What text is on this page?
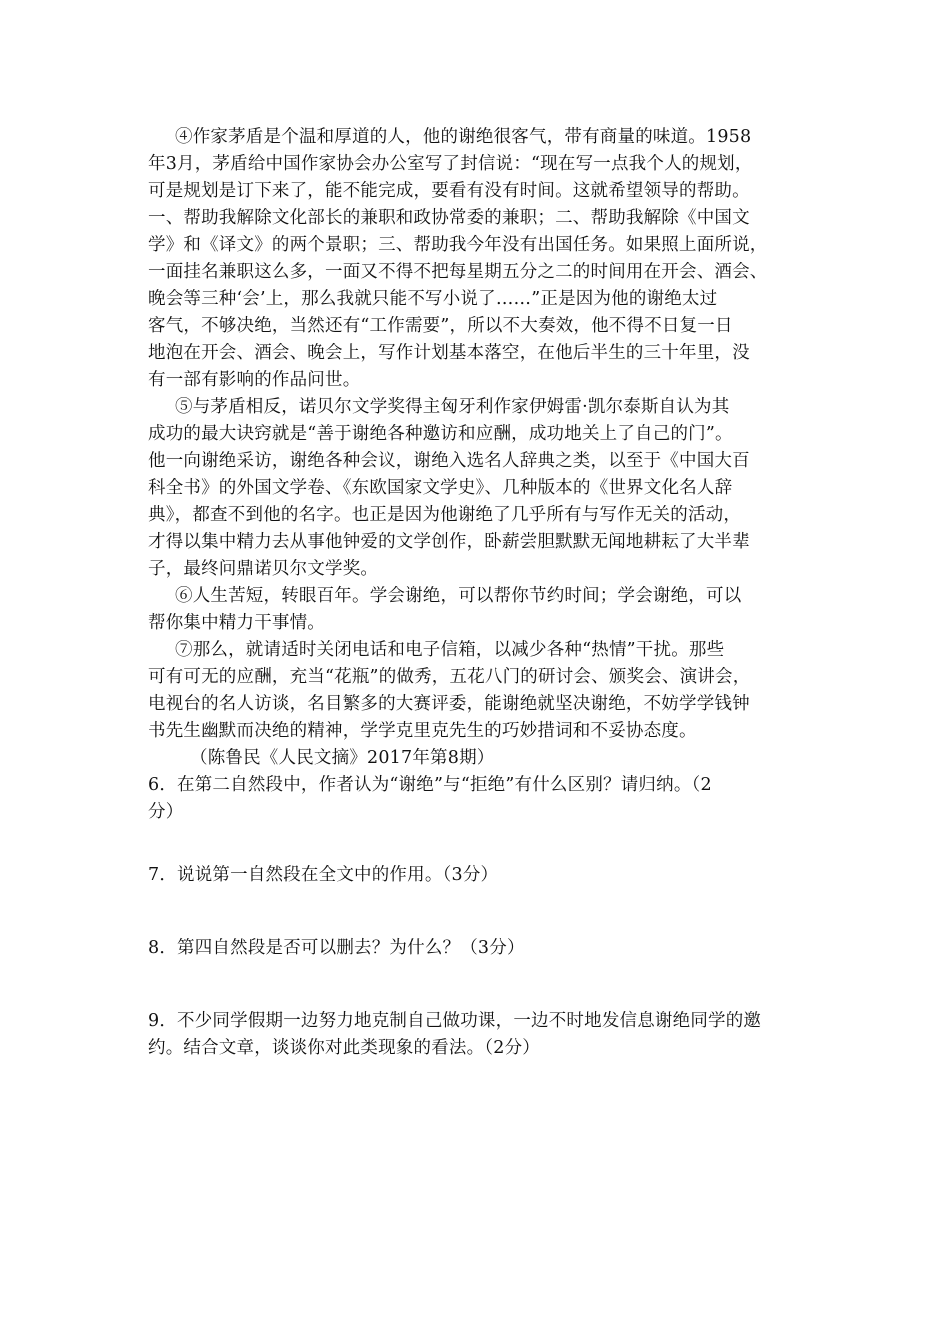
④作家茅盾是个温和厚道的人，他的谢绝很客气，带有商量的味道。1958
年3月，茅盾给中国作家协会办公室写了封信说：“现在写一点我个人的规划，
可是规划是订下来了，能不能完成，要看有没有时间。这就希望领导的帮助。
一、帮助我解除文化部长的兼职和政协常委的兼职；二、帮助我解除《中国文
学》和《译文》的两个景职；三、帮助我今年没有出国任务。如果照上面所说，
一面挂名兼职这么多，一面又不得不把每星期五分之二的时间用在开会、酒会、
晚会等三种‘会’上，那么我就只能不写小说了……”正是因为他的谢绝太过
客气，不够决绝，当然还有“工作需要”，所以不大奏效，他不得不日复一日
地泡在开会、酒会、晚会上，写作计划基本落空，在他后半生的三十年里，没
有一部有影响的作品问世。
⑤与茅盾相反，诺贝尔文学奖得主匈牙利作家伊姆雷·凯尔泰斯自认为其
成功的最大诀窍就是“善于谢绝各种邀访和应酬，成功地关上了自己的门”。
他一向谢绝采访，谢绝各种会议，谢绝入选名人辞典之类，以至于《中国大百
科全书》的外国文学卷、《东欧国家文学史》、几种版本的《世界文化名人辞
典》，都查不到他的名字。也正是因为他谢绝了几乎所有与写作无关的活动，
才得以集中精力去从事他钟爱的文学创作，卧薪尝胆默默无闻地耕耘了大半辈
子，最终问鼎诺贝尔文学奖。
⑥人生苦短，转眼百年。学会谢绝，可以帮你节约时间；学会谢绝，可以
帮你集中精力干事情。
⑦那么，就请适时关闭电话和电子信箱，以减少各种“热情”干扰。那些
可有可无的应酬，充当“花瓶”的做秀，五花八门的研讨会、颁奖会、演讲会，
电视台的名人访谈，名目繁多的大赛评委，能谢绝就坚决谢绝，不妨学学钱钟
书先生幽默而决绝的精神，学学克里克先生的巧妙措词和不妥协态度。
（陈鲁民《人民文摘》2017年第8期）
6．在第二自然段中，作者认为“谢绝”与“拒绝”有什么区别？请归纳。（2
分）
7．说说第一自然段在全文中的作用。（3分）
8．第四自然段是否可以删去？为什么？（3分）
9．不少同学假期一边努力地克制自己做功课，一边不时地发信息谢绝同学的邀
约。结合文章，谈谈你对此类现象的看法。（2分）
